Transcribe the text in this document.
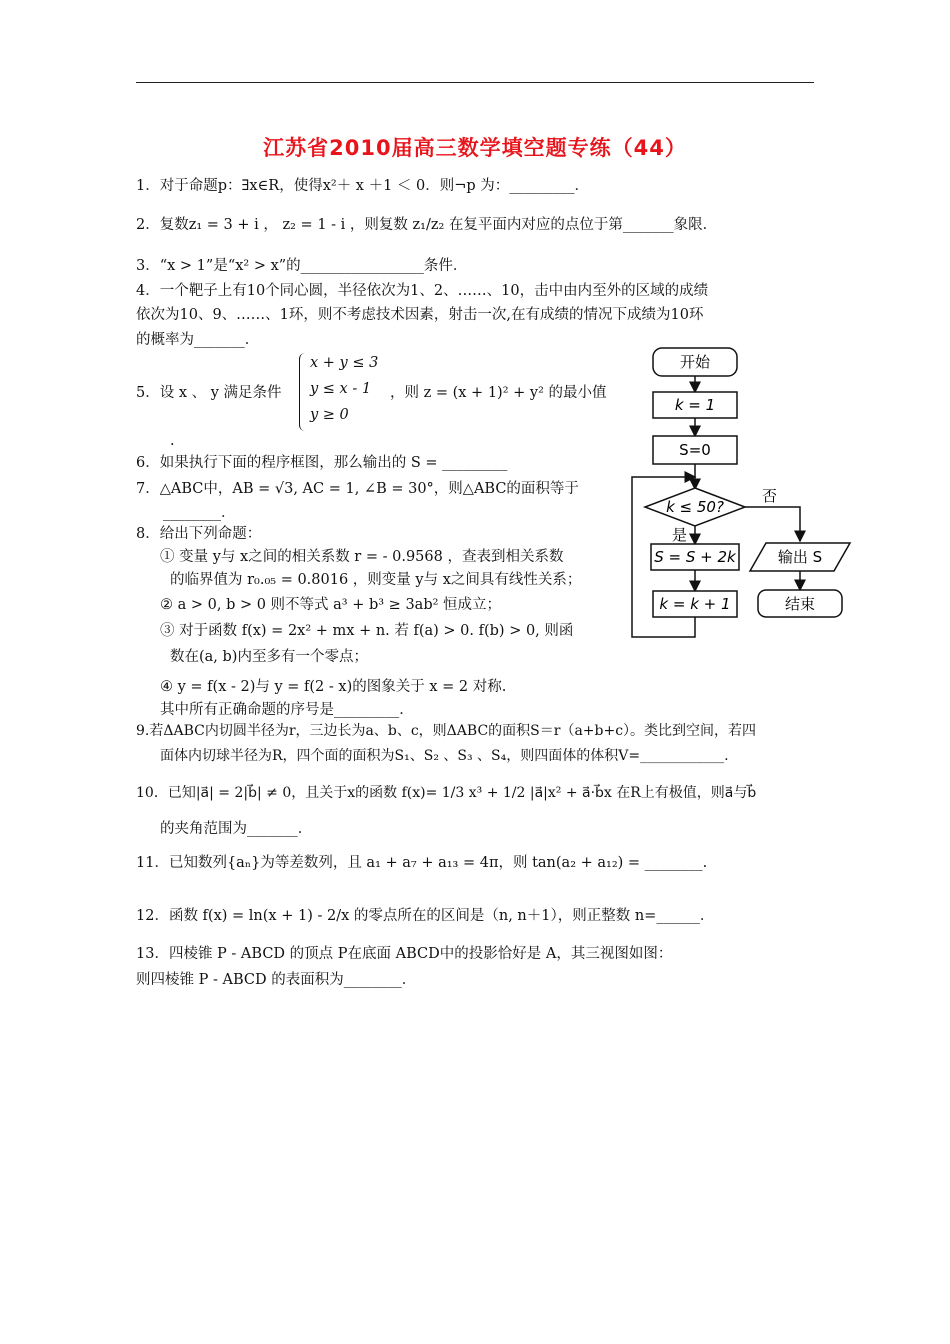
江苏省2010届高三数学填空题专练（44）
1．对于命题p：∃x∈R，使得x²＋ x ＋1 ＜ 0．则¬p 为：_________．
2．复数z₁ = 3 + i ， z₂ = 1 - i ，则复数 z₁/z₂ 在复平面内对应的点位于第_______象限．
3．“x > 1”是“x² > x”的_________________条件．
4．一个靶子上有10个同心圆，半径依次为1、2、……、10，击中由内至外的区域的成绩
依次为10、9、……、1环，则不考虑技术因素，射击一次,在有成绩的情况下成绩为10环
的概率为_______．
5．设 x 、 y 满足条件
x + y ≤ 3
y ≤ x - 1
y ≥ 0
，则 z = (x + 1)² + y² 的最小值
.
6．如果执行下面的程序框图，那么输出的 S = _________
7．△ABC中，AB = √3, AC = 1, ∠B = 30°，则△ABC的面积等于
________．
8．给出下列命题：
① 变量 y与 x之间的相关系数 r = - 0.9568 ，查表到相关系数
的临界值为 r₀.₀₅ = 0.8016 ，则变量 y与 x之间具有线性关系；
② a > 0, b > 0 则不等式 a³ + b³ ≥ 3ab² 恒成立；
③ 对于函数 f(x) = 2x² + mx + n. 若 f(a) > 0. f(b) > 0, 则函
数在(a, b)内至多有一个零点；
④ y = f(x - 2)与 y = f(2 - x)的图象关于 x = 2 对称.
其中所有正确命题的序号是_________．
9.若ΔABC内切圆半径为r，三边长为a、b、c，则ΔABC的面积S＝r（a+b+c）。类比到空间，若四
面体内切球半径为R，四个面的面积为S₁、S₂ 、S₃ 、S₄，则四面体的体积V=____________.
10．已知|a⃗| = 2|b⃗| ≠ 0，且关于x的函数 f(x)= 1/3 x³ + 1/2 |a⃗|x² + a⃗·b⃗x 在R上有极值，则a⃗与b⃗
的夹角范围为_______．
11．已知数列{aₙ}为等差数列，且 a₁ + a₇ + a₁₃ = 4π，则 tan(a₂ + a₁₂) = ________.
12．函数 f(x) = ln(x + 1) - 2/x 的零点所在的区间是（n, n＋1），则正整数 n=______．
13．四棱锥 P - ABCD 的顶点 P在底面 ABCD中的投影恰好是 A，其三视图如图：
则四棱锥 P - ABCD 的表面积为________．
开始
k = 1
S=0
k ≤ 50?
否
是
S = S + 2k
k = k + 1
输出 S
结束
